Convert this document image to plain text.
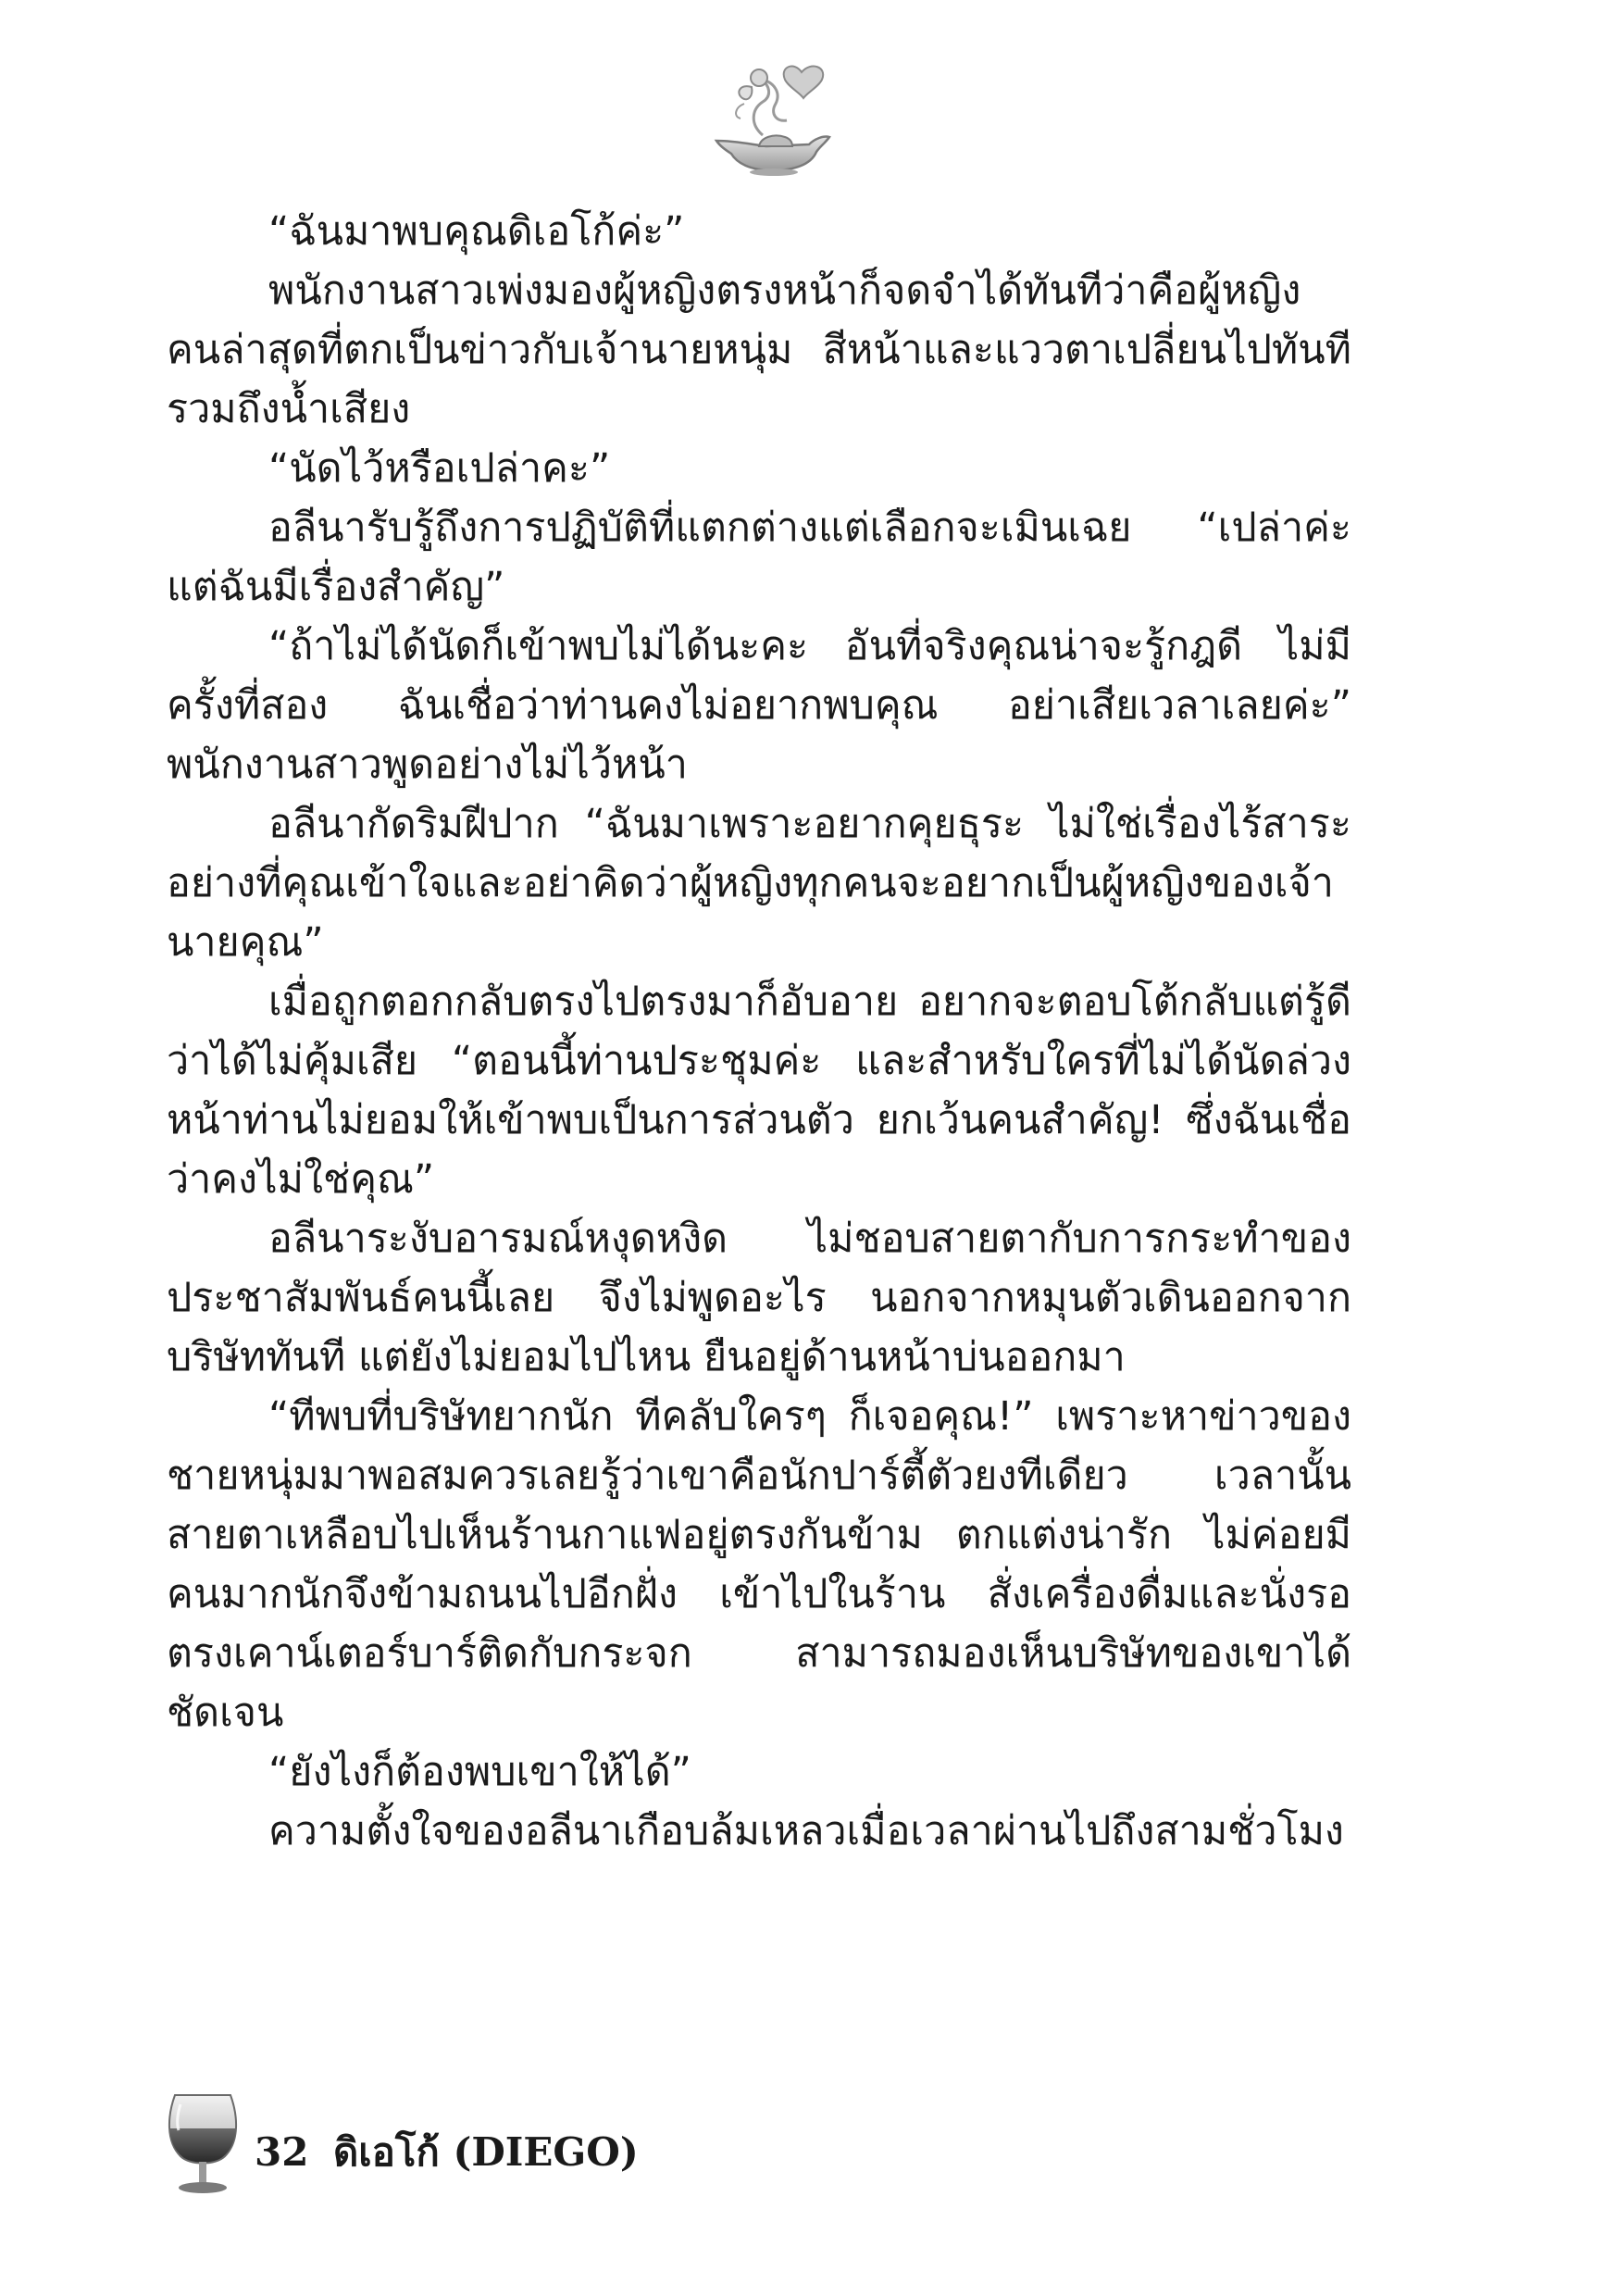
“ฉันมาพบคุณดิเอโก้ค่ะ”

พนักงานสาวเพ่งมองผู้หญิงตรงหน้าก็จดจำได้ทันทีว่าคือผู้หญิงคนล่าสุดที่ตกเป็นข่าวกับเจ้านายหนุ่ม สีหน้าและแววตาเปลี่ยนไปทันทีรวมถึงน้ำเสียง

“นัดไว้หรือเปล่าคะ”

อลีนารับรู้ถึงการปฏิบัติที่แตกต่างแต่เลือกจะเมินเฉย “เปล่าค่ะ แต่ฉันมีเรื่องสำคัญ”

“ถ้าไม่ได้นัดก็เข้าพบไม่ได้นะคะ อันที่จริงคุณน่าจะรู้กฎดี ไม่มีครั้งที่สอง ฉันเชื่อว่าท่านคงไม่อยากพบคุณ อย่าเสียเวลาเลยค่ะ” พนักงานสาวพูดอย่างไม่ไว้หน้า

อลีนากัดริมฝีปาก “ฉันมาเพราะอยากคุยธุระ ไม่ใช่เรื่องไร้สาระอย่างที่คุณเข้าใจและอย่าคิดว่าผู้หญิงทุกคนจะอยากเป็นผู้หญิงของเจ้านายคุณ”

เมื่อถูกตอกกลับตรงไปตรงมาก็อับอาย อยากจะตอบโต้กลับแต่รู้ดีว่าได้ไม่คุ้มเสีย “ตอนนี้ท่านประชุมค่ะ และสำหรับใครที่ไม่ได้นัดล่วงหน้าท่านไม่ยอมให้เข้าพบเป็นการส่วนตัว ยกเว้นคนสำคัญ! ซึ่งฉันเชื่อว่าคงไม่ใช่คุณ”

อลีนาระงับอารมณ์หงุดหงิด ไม่ชอบสายตากับการกระทำของประชาสัมพันธ์คนนี้เลย จึงไม่พูดอะไร นอกจากหมุนตัวเดินออกจากบริษัททันที แต่ยังไม่ยอมไปไหน ยืนอยู่ด้านหน้าบ่นออกมา

“ทีพบที่บริษัทยากนัก ทีคลับใครๆ ก็เจอคุณ!” เพราะหาข่าวของชายหนุ่มมาพอสมควรเลยรู้ว่าเขาคือนักปาร์ตี้ตัวยงทีเดียว เวลานั้นสายตาเหลือบไปเห็นร้านกาแฟอยู่ตรงกันข้าม ตกแต่งน่ารัก ไม่ค่อยมีคนมากนักจึงข้ามถนนไปอีกฝั่ง เข้าไปในร้าน สั่งเครื่องดื่มและนั่งรอตรงเคาน์เตอร์บาร์ติดกับกระจก สามารถมองเห็นบริษัทของเขาได้ชัดเจน

“ยังไงก็ต้องพบเขาให้ได้”

ความตั้งใจของอลีนาเกือบล้มเหลวเมื่อเวลาผ่านไปถึงสามชั่วโมง

32 ดิเอโก้ (DIEGO)
